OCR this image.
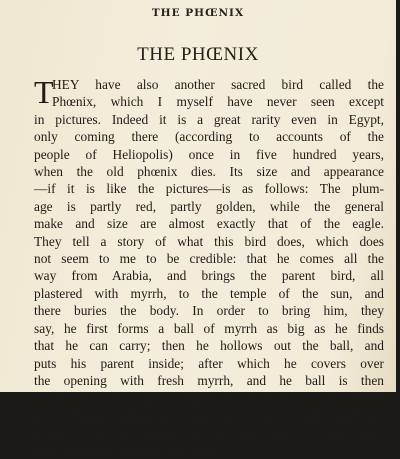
THE PHŒNIX
THE PHŒNIX
T
HEY have also another sacred bird called the
Phœnix, which I myself have never seen except
in pictures. Indeed it is a great rarity even in Egypt,
only coming there (according to accounts of the
people of Heliopolis) once in five hundred years,
when the old phœnix dies. Its size and appearance
—if it is like the pictures—is as follows: The plum-
age is partly red, partly golden, while the general
make and size are almost exactly that of the eagle.
They tell a story of what this bird does, which does
not seem to me to be credible: that he comes all the
way from Arabia, and brings the parent bird, all
plastered with myrrh, to the temple of the sun, and
there buries the body. In order to bring him, they
say, he first forms a ball of myrrh as big as he finds
that he can carry; then he hollows out the ball, and
puts his parent inside; after which he covers over
the opening with fresh myrrh, and he ball is then
of exactly the same weight as at first; so he brings
it to Egypt, plastered over as I have said, and de-
posits it in the temple of the sun. Such is the story
they tell of the doings of this bird.
